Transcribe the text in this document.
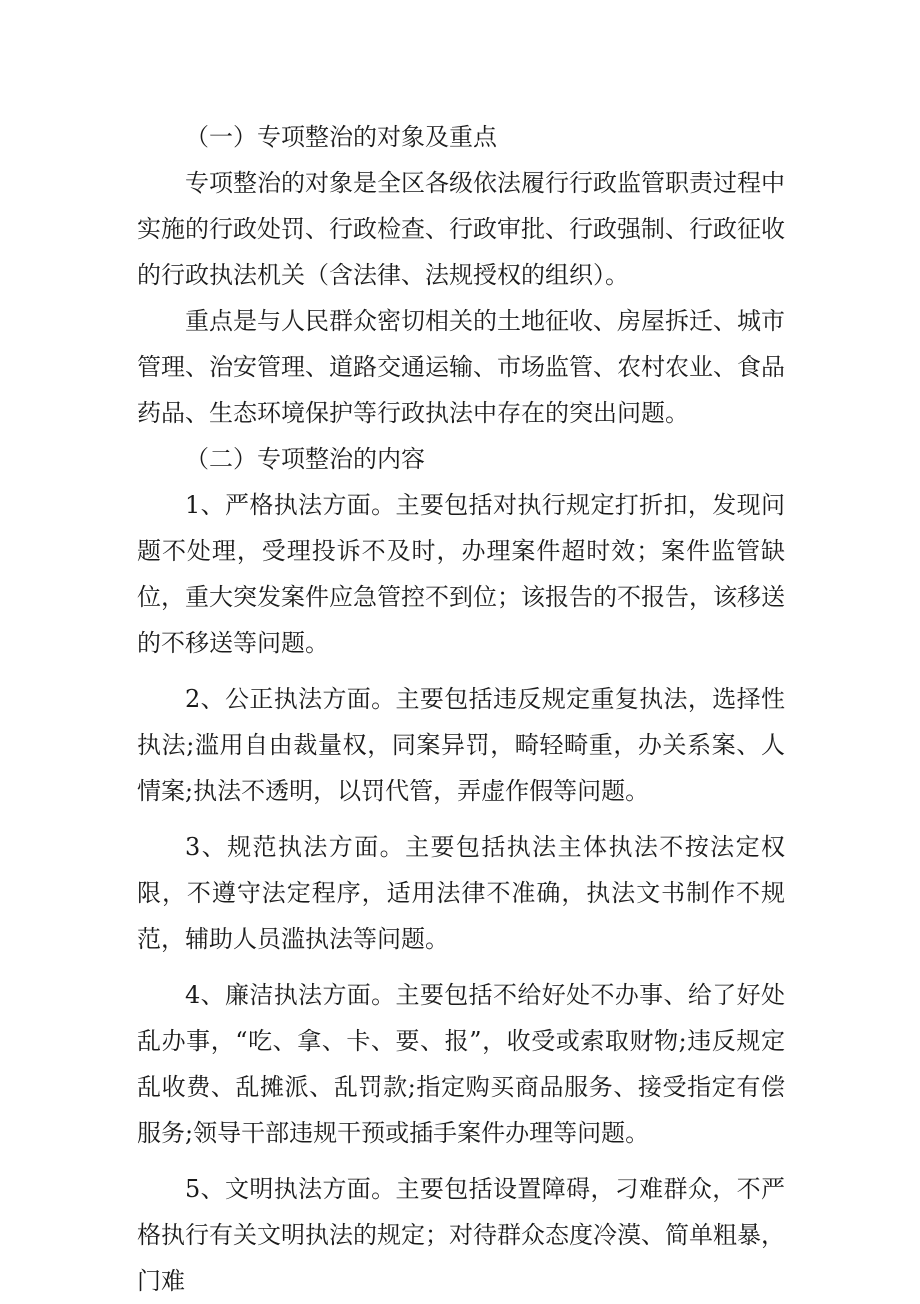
（一）专项整治的对象及重点

专项整治的对象是全区各级依法履行行政监管职责过程中实施的行政处罚、行政检查、行政审批、行政强制、行政征收的行政执法机关（含法律、法规授权的组织）。

重点是与人民群众密切相关的土地征收、房屋拆迁、城市管理、治安管理、道路交通运输、市场监管、农村农业、食品药品、生态环境保护等行政执法中存在的突出问题。

（二）专项整治的内容

1、严格执法方面。主要包括对执行规定打折扣，发现问题不处理，受理投诉不及时，办理案件超时效；案件监管缺位，重大突发案件应急管控不到位；该报告的不报告，该移送的不移送等问题。

2、公正执法方面。主要包括违反规定重复执法，选择性执法;滥用自由裁量权，同案异罚，畸轻畸重，办关系案、人情案;执法不透明，以罚代管，弄虚作假等问题。

3、规范执法方面。主要包括执法主体执法不按法定权限，不遵守法定程序，适用法律不准确，执法文书制作不规范，辅助人员滥执法等问题。

4、廉洁执法方面。主要包括不给好处不办事、给了好处乱办事，“吃、拿、卡、要、报”，收受或索取财物;违反规定乱收费、乱摊派、乱罚款;指定购买商品服务、接受指定有偿服务;领导干部违规干预或插手案件办理等问题。

5、文明执法方面。主要包括设置障碍，刁难群众，不严格执行有关文明执法的规定；对待群众态度冷漠、简单粗暴，门难
